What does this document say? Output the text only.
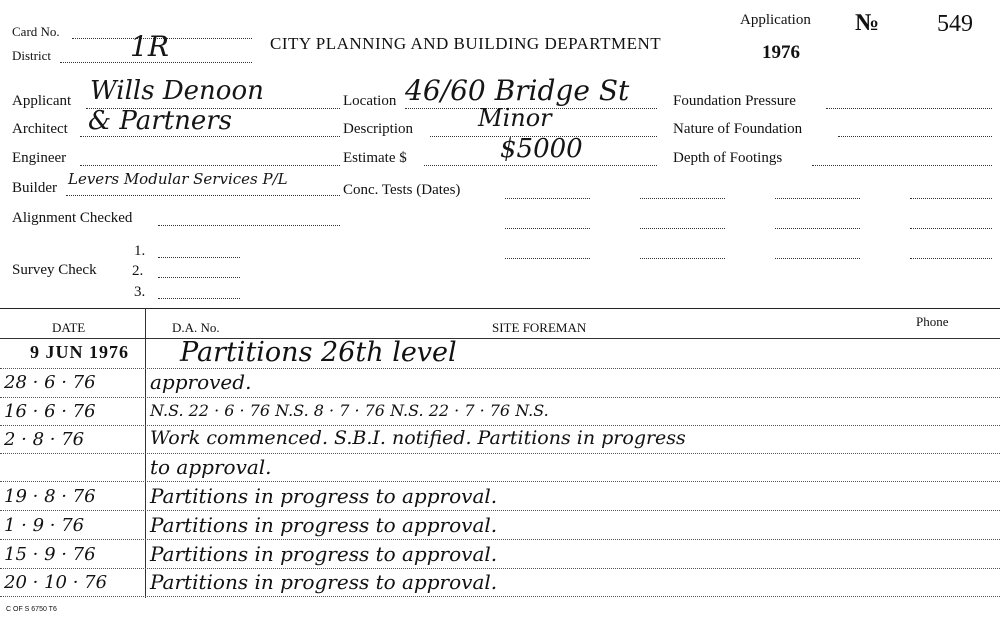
Card No.
District	1R	CITY PLANNING AND BUILDING DEPARTMENT
Application
1976
№ 549
Applicant Wills Denoon
Architect & Partners
Engineer
Builder Levers Modular Services P/L
Alignment Checked
Survey Check
1.
2.
3.
Location 46/60 Bridge St
Description	Minor
Estimate $	$5000
Conc. Tests (Dates)
Foundation Pressure
Nature of Foundation
Depth of Footings
DATE	D.A. No.	SITE FOREMAN	Phone
9 JUN 1976 Partitions 26th level
28 · 6 · 76	approved.
16 · 6 · 76	N.S. 22 · 6 · 76 N.S. 8 · 7 · 76 N.S. 22 · 7 · 76 N.S.
2 · 8 · 76	Work commenced. S.B.I. notified. Partitions in progress
to approval.
19 · 8 · 76	Partitions in progress to approval.
1 · 9 · 76	Partitions in progress to approval.
15 · 9 · 76	Partitions in progress to approval.
20 · 10 · 76	Partitions in progress to approval.
C OF S 6750 T6
